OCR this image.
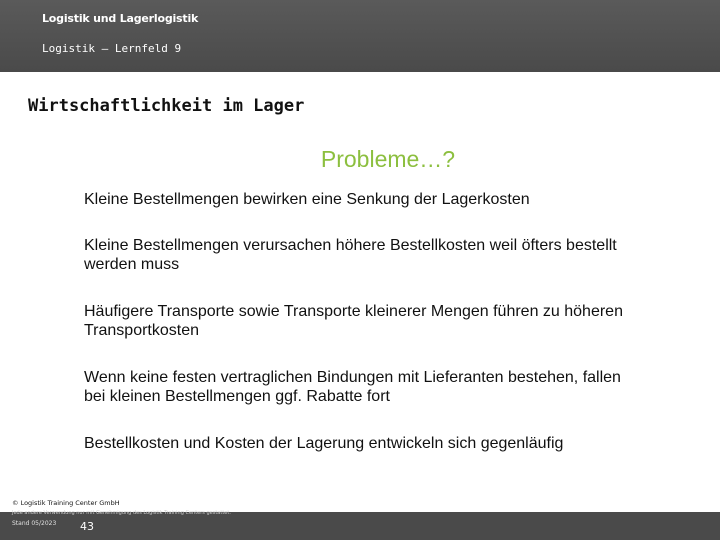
Logistik und Lagerlogistik
Logistik – Lernfeld 9
Wirtschaftlichkeit im Lager
Probleme…?
Kleine Bestellmengen bewirken eine Senkung der Lagerkosten
Kleine Bestellmengen verursachen höhere Bestellkosten weil öfters bestellt werden muss
Häufigere Transporte sowie Transporte kleinerer Mengen führen zu höheren Transportkosten
Wenn keine festen vertraglichen Bindungen mit Lieferanten bestehen, fallen bei kleinen Bestellmengen ggf. Rabatte fort
Bestellkosten und Kosten der Lagerung entwickeln sich gegenläufig
© Logistik Training Center GmbH
Jede andere Verwendung nur mit Genehmigung des Logistik Training Centers gestattet.
Stand 05/2023 43
